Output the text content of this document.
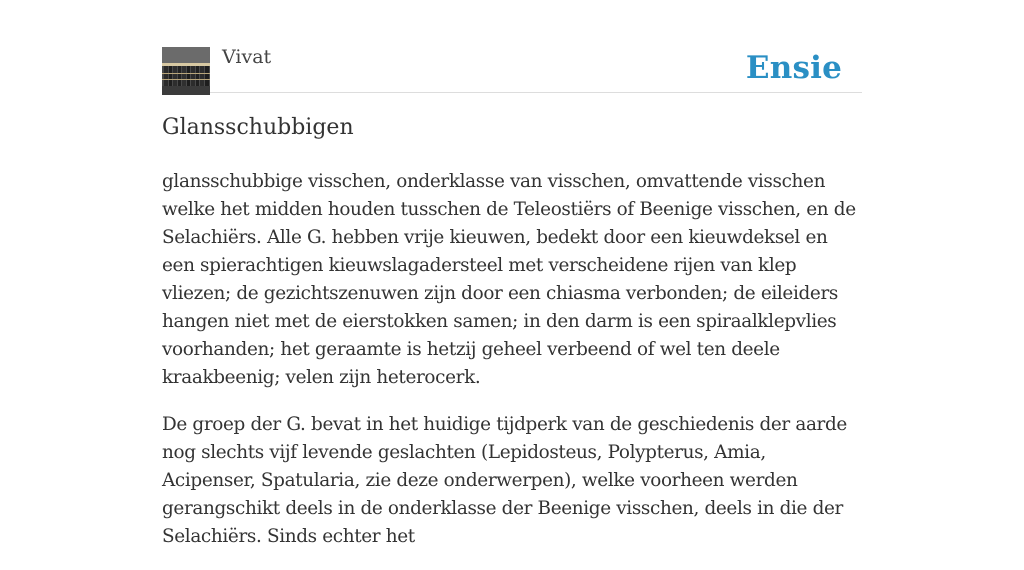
Vivat	Ensie
Glansschubbigen

glansschubbige visschen, onderklasse van visschen, omvattende visschen welke het midden houden tusschen de Teleostiërs of Beenige visschen, en de Selachiërs. Alle G. hebben vrije kieuwen, bedekt door een kieuwdeksel en een spierachtigen kieuwslagadersteel met verscheidene rijen van klep vliezen; de gezichtszenuwen zijn door een chiasma verbonden; de eileiders hangen niet met de eierstokken samen; in den darm is een spiraalklepvlies voorhanden; het geraamte is hetzij geheel verbeend of wel ten deele kraakbeenig; velen zijn heterocerk.

De groep der G. bevat in het huidige tijdperk van de geschiedenis der aarde nog slechts vijf levende geslachten (Lepidosteus, Polypterus, Amia, Acipenser, Spatularia, zie deze onderwerpen), welke voorheen werden gerangschikt deels in de onderklasse der Beenige visschen, deels in die der Selachiërs. Sinds echter het
